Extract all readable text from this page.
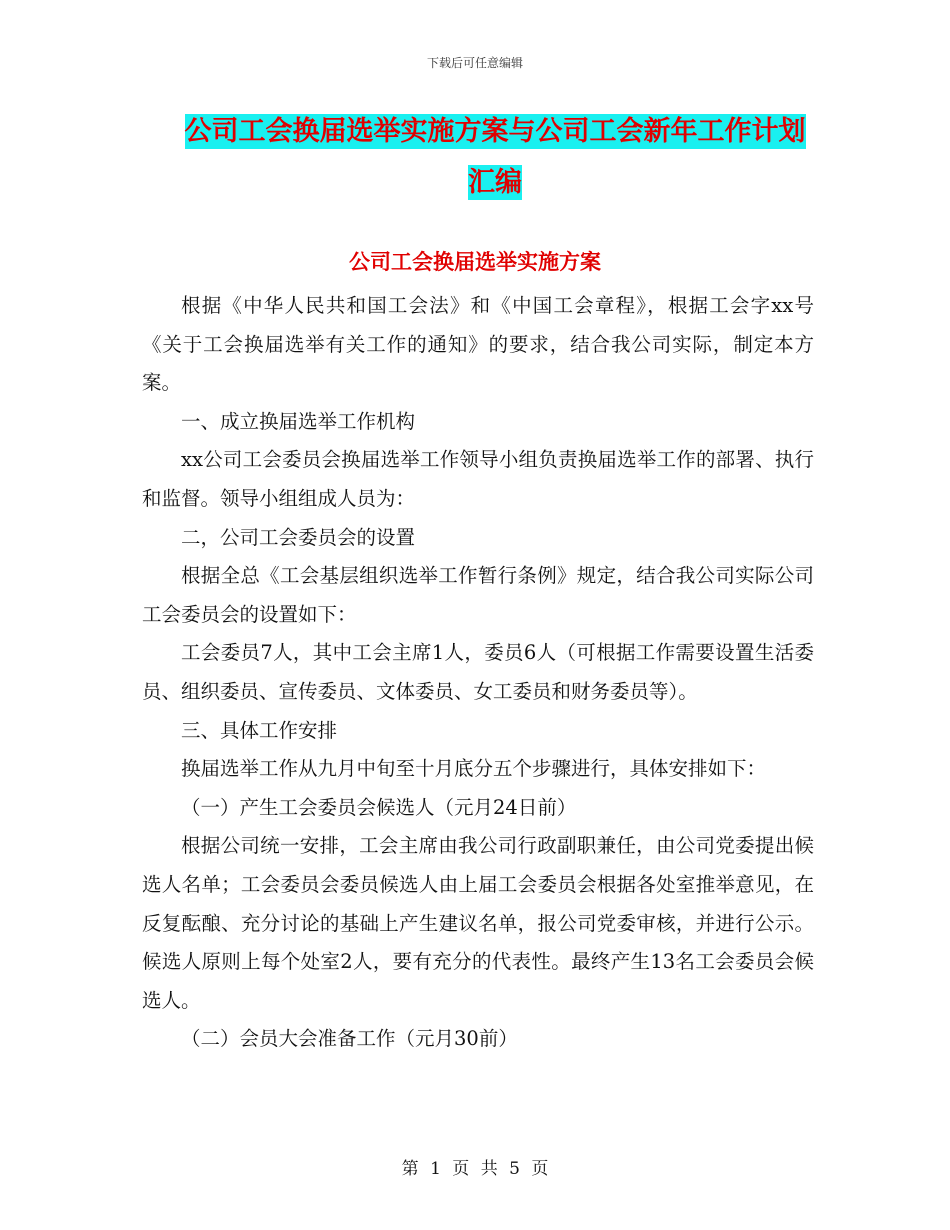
下载后可任意编辑
公司工会换届选举实施方案与公司工会新年工作计划汇编
公司工会换届选举实施方案

根据《中华人民共和国工会法》和《中国工会章程》，根据工会字xx号《关于工会换届选举有关工作的通知》的要求，结合我公司实际，制定本方案。

一、成立换届选举工作机构

xx公司工会委员会换届选举工作领导小组负责换届选举工作的部署、执行和监督。领导小组组成人员为：

二，公司工会委员会的设置

根据全总《工会基层组织选举工作暂行条例》规定，结合我公司实际公司工会委员会的设置如下：

工会委员7人，其中工会主席1人，委员6人（可根据工作需要设置生活委员、组织委员、宣传委员、文体委员、女工委员和财务委员等）。

三、具体工作安排

换届选举工作从九月中旬至十月底分五个步骤进行，具体安排如下：

（一）产生工会委员会候选人（元月24日前）

根据公司统一安排，工会主席由我公司行政副职兼任，由公司党委提出候选人名单；工会委员会委员候选人由上届工会委员会根据各处室推举意见，在反复酝酿、充分讨论的基础上产生建议名单，报公司党委审核，并进行公示。候选人原则上每个处室2人，要有充分的代表性。最终产生13名工会委员会候选人。

（二）会员大会准备工作（元月30前）

第 1 页 共 5 页
